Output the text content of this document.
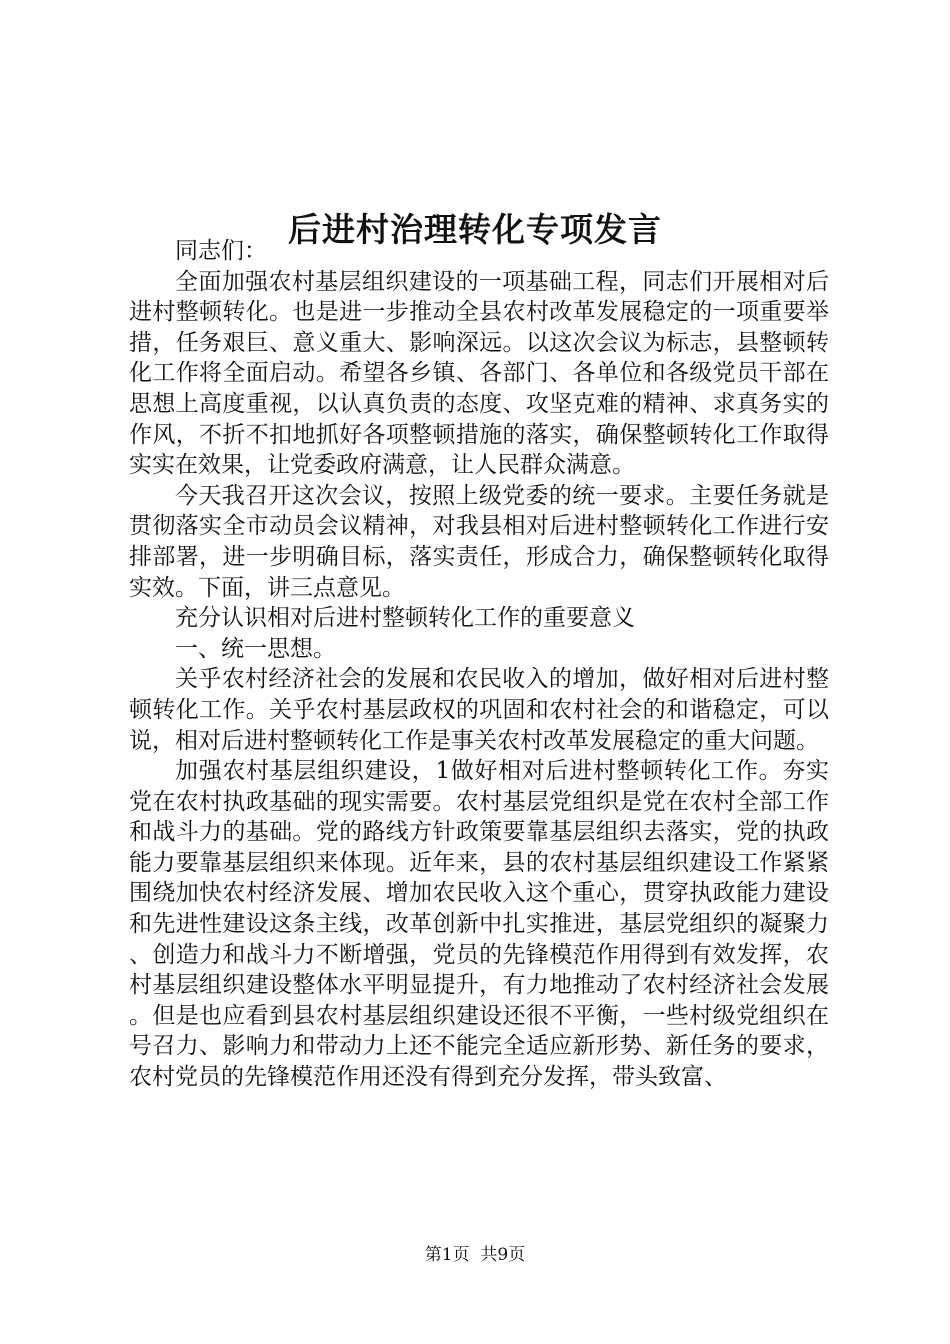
后进村治理转化专项发言

同志们：

全面加强农村基层组织建设的一项基础工程，同志们开展相对后进村整顿转化。也是进一步推动全县农村改革发展稳定的一项重要举措，任务艰巨、意义重大、影响深远。以这次会议为标志，县整顿转化工作将全面启动。希望各乡镇、各部门、各单位和各级党员干部在思想上高度重视，以认真负责的态度、攻坚克难的精神、求真务实的作风，不折不扣地抓好各项整顿措施的落实，确保整顿转化工作取得实实在效果，让党委政府满意，让人民群众满意。

今天我召开这次会议，按照上级党委的统一要求。主要任务就是贯彻落实全市动员会议精神，对我县相对后进村整顿转化工作进行安排部署，进一步明确目标，落实责任，形成合力，确保整顿转化取得实效。下面，讲三点意见。

充分认识相对后进村整顿转化工作的重要意义

一、统一思想。

关乎农村经济社会的发展和农民收入的增加，做好相对后进村整顿转化工作。关乎农村基层政权的巩固和农村社会的和谐稳定，可以说，相对后进村整顿转化工作是事关农村改革发展稳定的重大问题。

加强农村基层组织建设，1做好相对后进村整顿转化工作。夯实党在农村执政基础的现实需要。农村基层党组织是党在农村全部工作和战斗力的基础。党的路线方针政策要靠基层组织去落实，党的执政能力要靠基层组织来体现。近年来，县的农村基层组织建设工作紧紧围绕加快农村经济发展、增加农民收入这个重心，贯穿执政能力建设和先进性建设这条主线，改革创新中扎实推进，基层党组织的凝聚力、创造力和战斗力不断增强，党员的先锋模范作用得到有效发挥，农村基层组织建设整体水平明显提升，有力地推动了农村经济社会发展。但是也应看到县农村基层组织建设还很不平衡，一些村级党组织在号召力、影响力和带动力上还不能完全适应新形势、新任务的要求，农村党员的先锋模范作用还没有得到充分发挥，带头致富、

第1页  共9页
